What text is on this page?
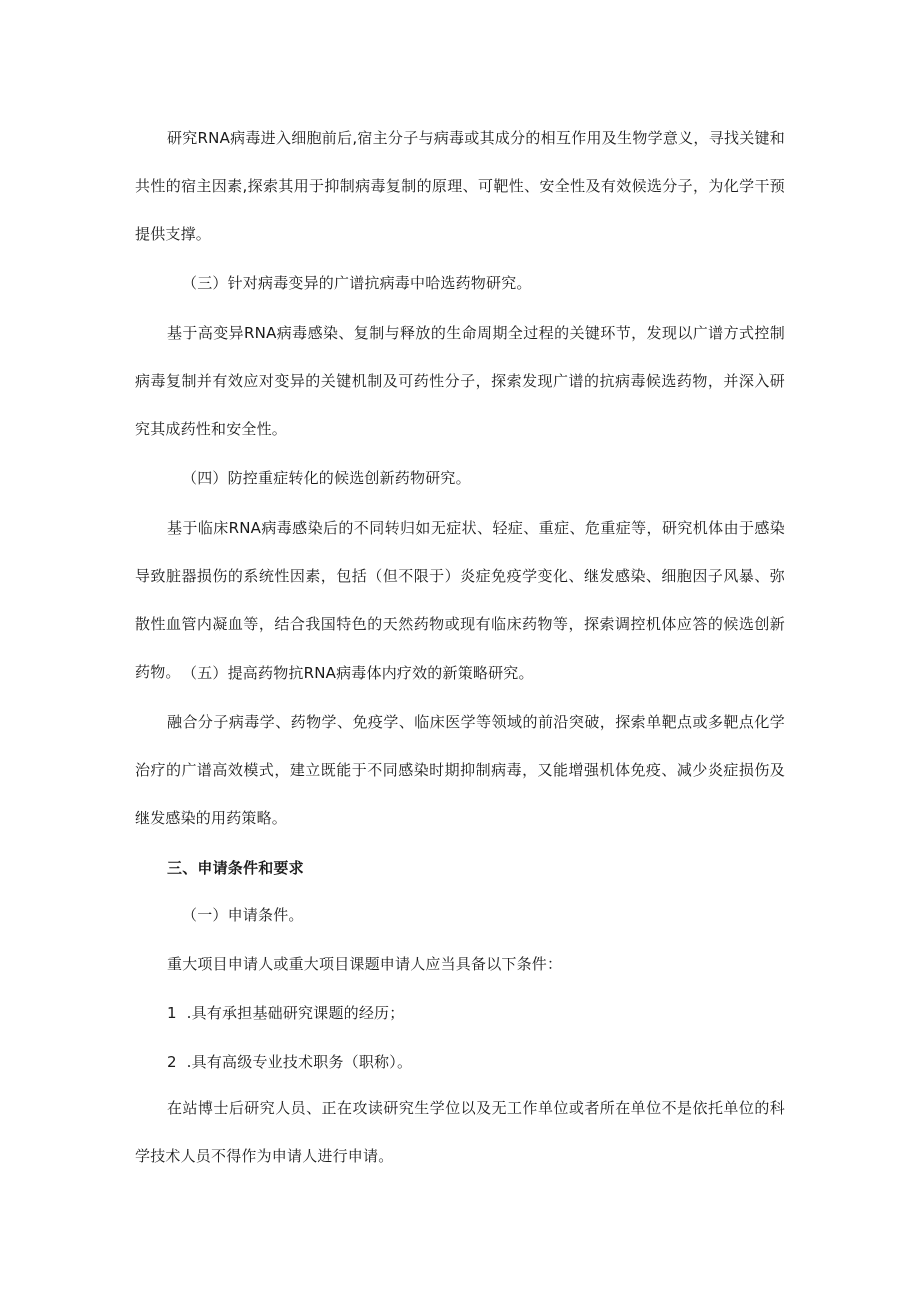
研究RNA病毒进入细胞前后,宿主分子与病毒或其成分的相互作用及生物学意义，寻找关键和共性的宿主因素,探索其用于抑制病毒复制的原理、可靶性、安全性及有效候选分子，为化学干预提供支撑。

（三）针对病毒变异的广谱抗病毒中哈选药物研究。

基于高变异RNA病毒感染、复制与释放的生命周期全过程的关键环节，发现以广谱方式控制病毒复制并有效应对变异的关键机制及可药性分子，探索发现广谱的抗病毒候选药物，并深入研究其成药性和安全性。

（四）防控重症转化的候选创新药物研究。

基于临床RNA病毒感染后的不同转归如无症状、轻症、重症、危重症等，研究机体由于感染导致脏器损伤的系统性因素，包括（但不限于）炎症免疫学变化、继发感染、细胞因子风暴、弥散性血管内凝血等，结合我国特色的天然药物或现有临床药物等，探索调控机体应答的候选创新药物。 （五）提高药物抗RNA病毒体内疗效的新策略研究。

融合分子病毒学、药物学、免疫学、临床医学等领域的前沿突破，探索单靶点或多靶点化学治疗的广谱高效模式，建立既能于不同感染时期抑制病毒，又能增强机体免疫、减少炎症损伤及继发感染的用药策略。

三、申请条件和要求

（一）申请条件。

重大项目申请人或重大项目课题申请人应当具备以下条件：

1  .具有承担基础研究课题的经历；

2  .具有高级专业技术职务（职称）。

在站博士后研究人员、正在攻读研究生学位以及无工作单位或者所在单位不是依托单位的科学技术人员不得作为申请人进行申请。
